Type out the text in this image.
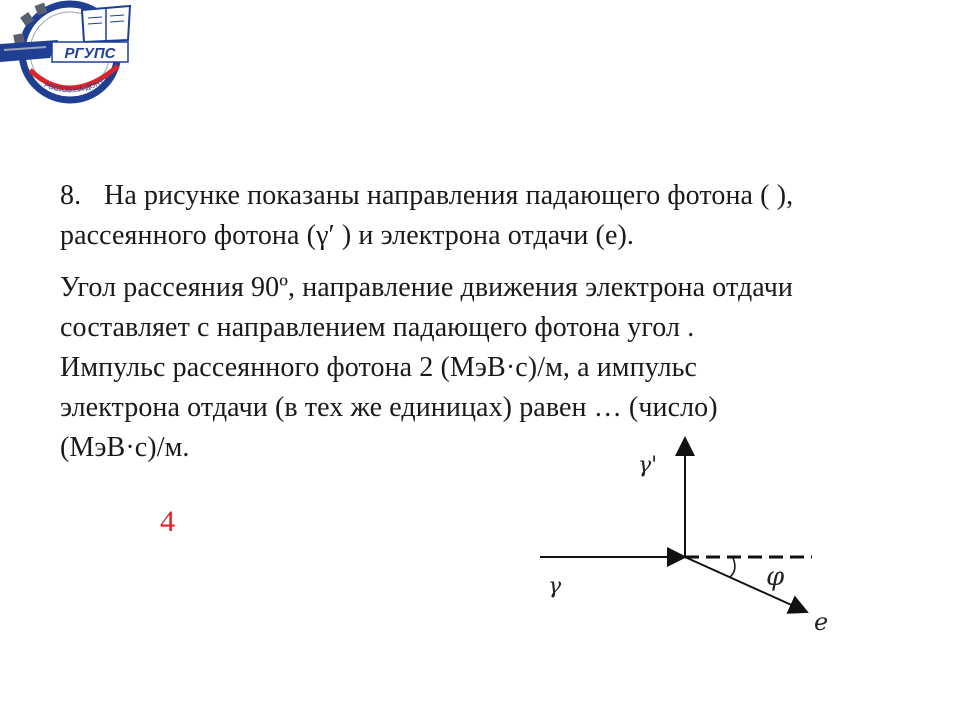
РГУПС
РОСТОВ-НА-ДОНУ

8. На рисунке показаны направления падающего фотона ( ),
рассеянного фотона (γ′ ) и электрона отдачи (e).

Угол рассеяния 90º, направление движения электрона отдачи
составляет с направлением падающего фотона угол .
Импульс рассеянного фотона 2 (МэВ·с)/м, а импульс
электрона отдачи (в тех же единицах) равен … (число)
(МэВ·с)/м.

4
γ'
γ	φ
e
